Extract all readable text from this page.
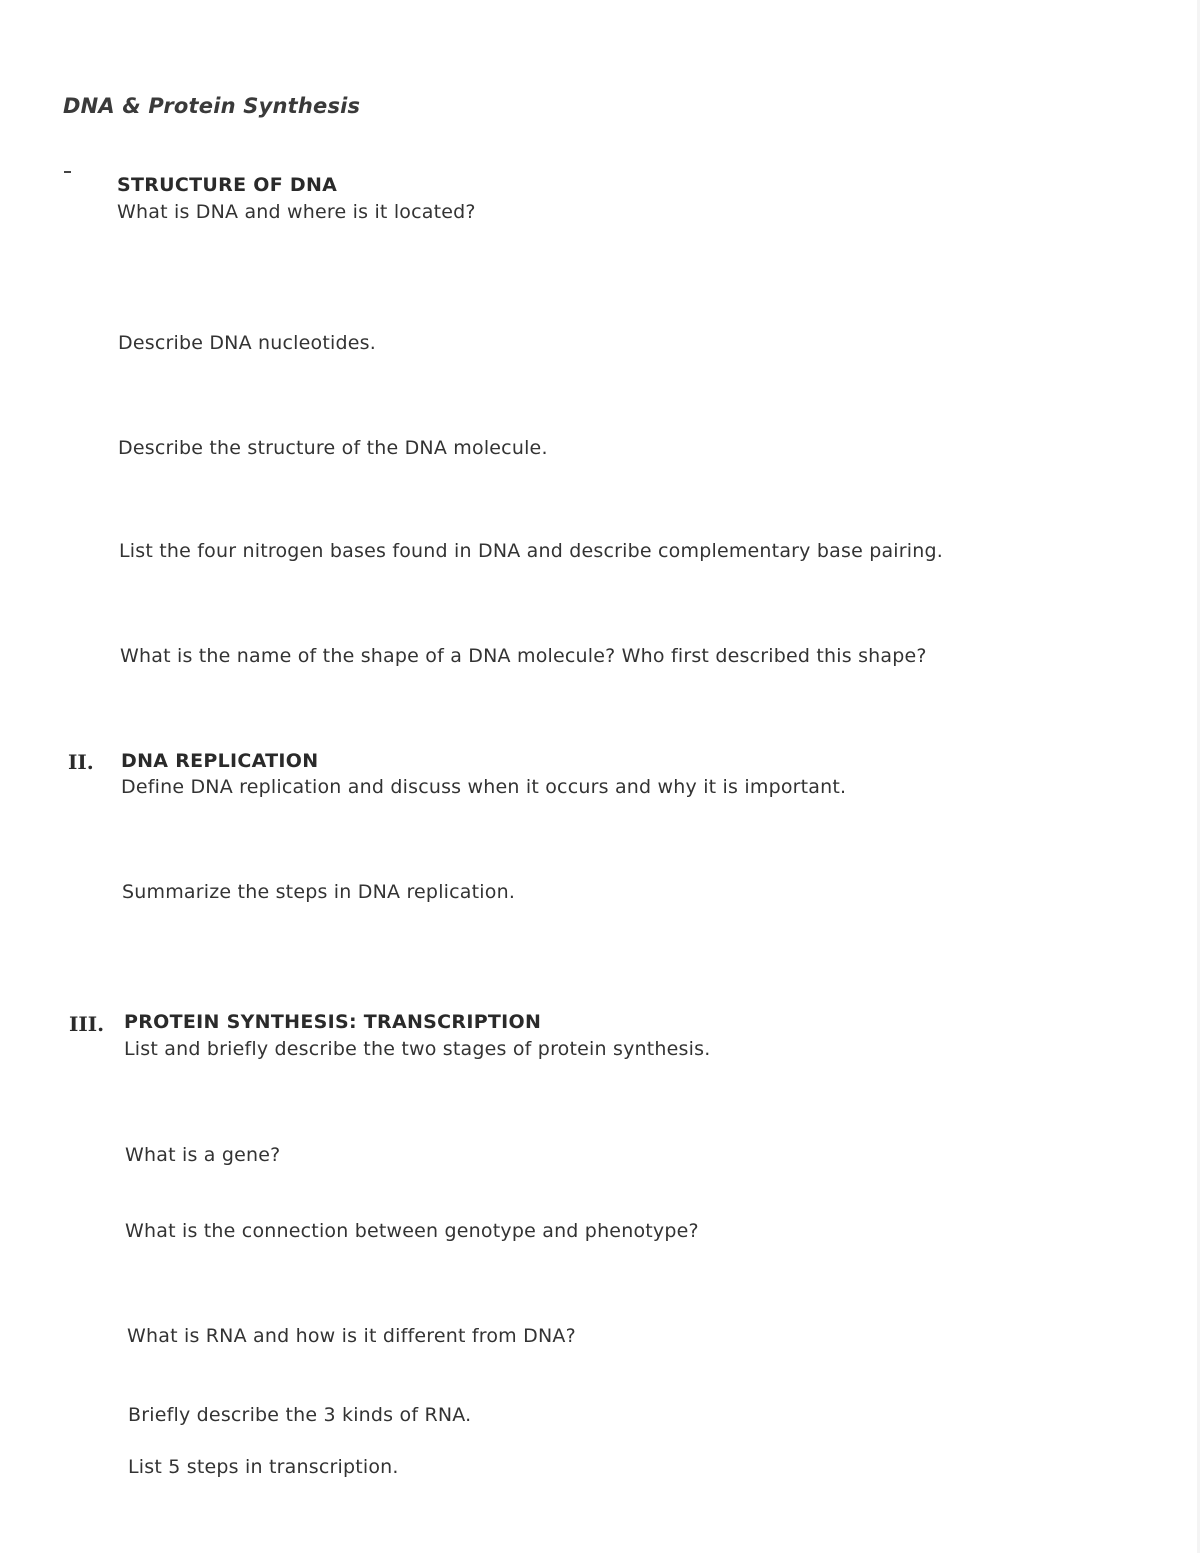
DNA & Protein Synthesis
STRUCTURE OF DNA
What is DNA and where is it located?
Describe DNA nucleotides.
Describe the structure of the DNA molecule.
List the four nitrogen bases found in DNA and describe complementary base pairing.
What is the name of the shape of a DNA molecule? Who first described this shape?
II. DNA REPLICATION
Define DNA replication and discuss when it occurs and why it is important.
Summarize the steps in DNA replication.
III. PROTEIN SYNTHESIS: TRANSCRIPTION
List and briefly describe the two stages of protein synthesis.
What is a gene?
What is the connection between genotype and phenotype?
What is RNA and how is it different from DNA?
Briefly describe the 3 kinds of RNA.
List 5 steps in transcription.
